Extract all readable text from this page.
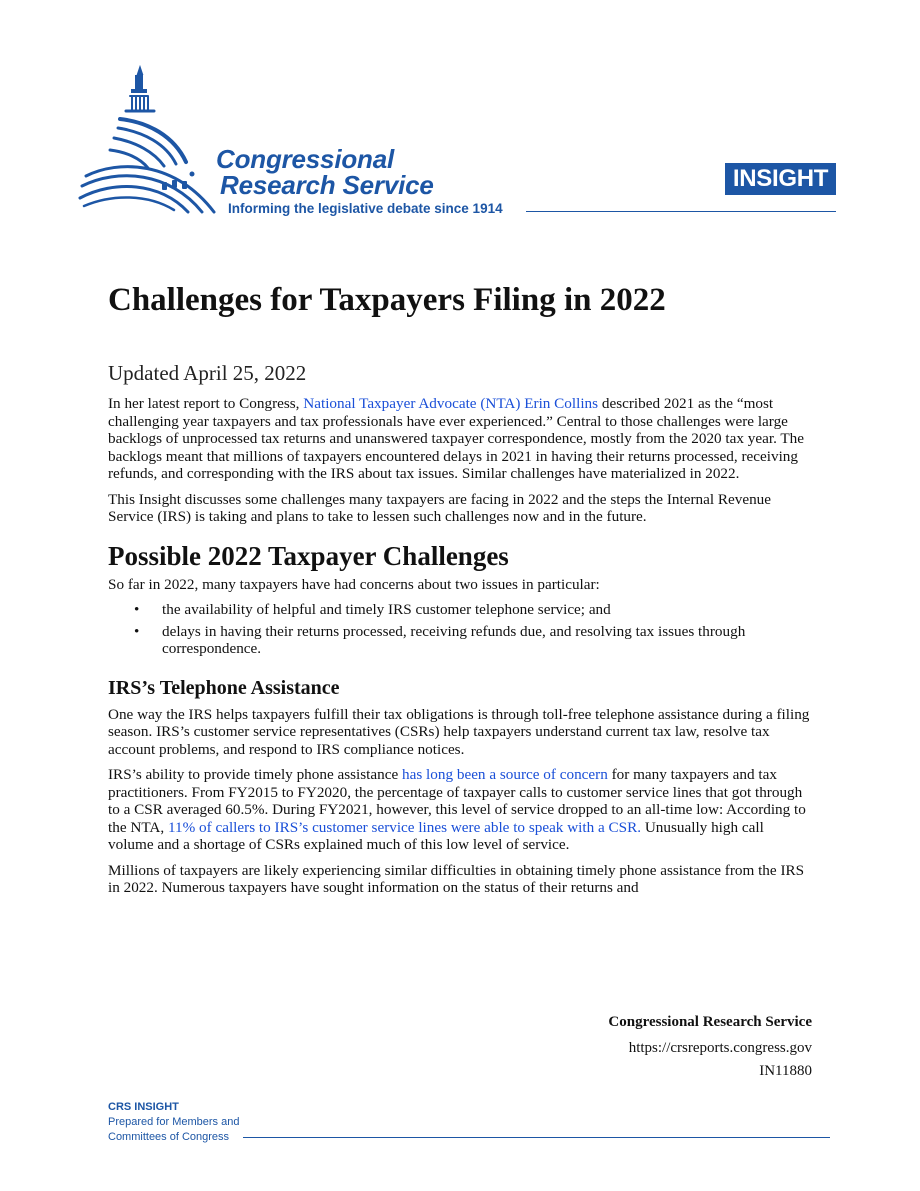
Congressional
Research Service
Informing the legislative debate since 1914
INSIGHT
Challenges for Taxpayers Filing in 2022
Updated April 25, 2022

In her latest report to Congress, National Taxpayer Advocate (NTA) Erin Collins described 2021 as the “most challenging year taxpayers and tax professionals have ever experienced.” Central to those challenges were large backlogs of unprocessed tax returns and unanswered taxpayer correspondence, mostly from the 2020 tax year. The backlogs meant that millions of taxpayers encountered delays in 2021 in having their returns processed, receiving refunds, and corresponding with the IRS about tax issues. Similar challenges have materialized in 2022.

This Insight discusses some challenges many taxpayers are facing in 2022 and the steps the Internal Revenue Service (IRS) is taking and plans to take to lessen such challenges now and in the future.

Possible 2022 Taxpayer Challenges

So far in 2022, many taxpayers have had concerns about two issues in particular:

• the availability of helpful and timely IRS customer telephone service; and
• delays in having their returns processed, receiving refunds due, and resolving tax issues through correspondence.
IRS’s Telephone Assistance

One way the IRS helps taxpayers fulfill their tax obligations is through toll-free telephone assistance during a filing season. IRS’s customer service representatives (CSRs) help taxpayers understand current tax law, resolve tax account problems, and respond to IRS compliance notices.

IRS’s ability to provide timely phone assistance has long been a source of concern for many taxpayers and tax practitioners. From FY2015 to FY2020, the percentage of taxpayer calls to customer service lines that got through to a CSR averaged 60.5%. During FY2021, however, this level of service dropped to an all-time low: According to the NTA, 11% of callers to IRS’s customer service lines were able to speak with a CSR. Unusually high call volume and a shortage of CSRs explained much of this low level of service.

Millions of taxpayers are likely experiencing similar difficulties in obtaining timely phone assistance from the IRS in 2022. Numerous taxpayers have sought information on the status of their returns and

Congressional Research Service
https://crsreports.congress.gov
IN11880
CRS INSIGHT
Prepared for Members and
Committees of Congress
